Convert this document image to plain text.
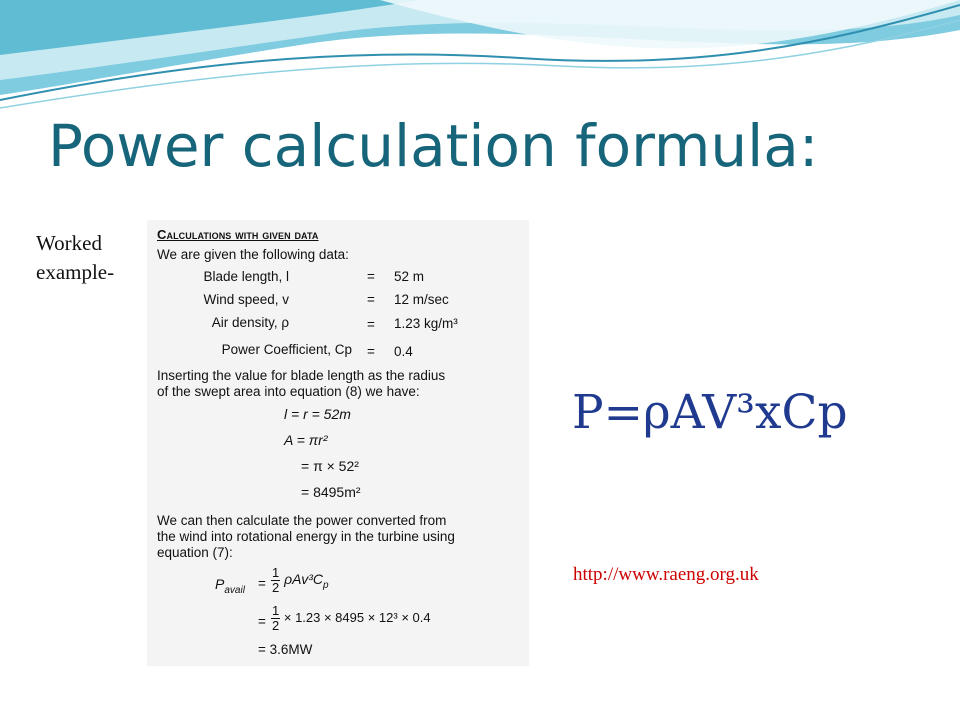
Power calculation formula:
Worked
example-
Calculations with given data
We are given the following data:
Blade length, l	= 52 m
Wind speed, v	= 12 m/sec
Air density, ρ	= 1.23 kg/m³
Power Coefficient, Cp = 0.4
Inserting the value for blade length as the radius
of the swept area into equation (8) we have:
l = r = 52m
A = πr²
= π × 52²
= 8495m²
We can then calculate the power converted from
the wind into rotational energy in the turbine using
equation (7):
$P_{avail} = \frac{1}{2} \rho Av^3C_p$
= $\frac{1}{2} \times 1.23 \times 8495 \times 12^3 \times 0.4$
= 3.6MW
P=ρAV³xCp
http://www.raeng.org.uk
